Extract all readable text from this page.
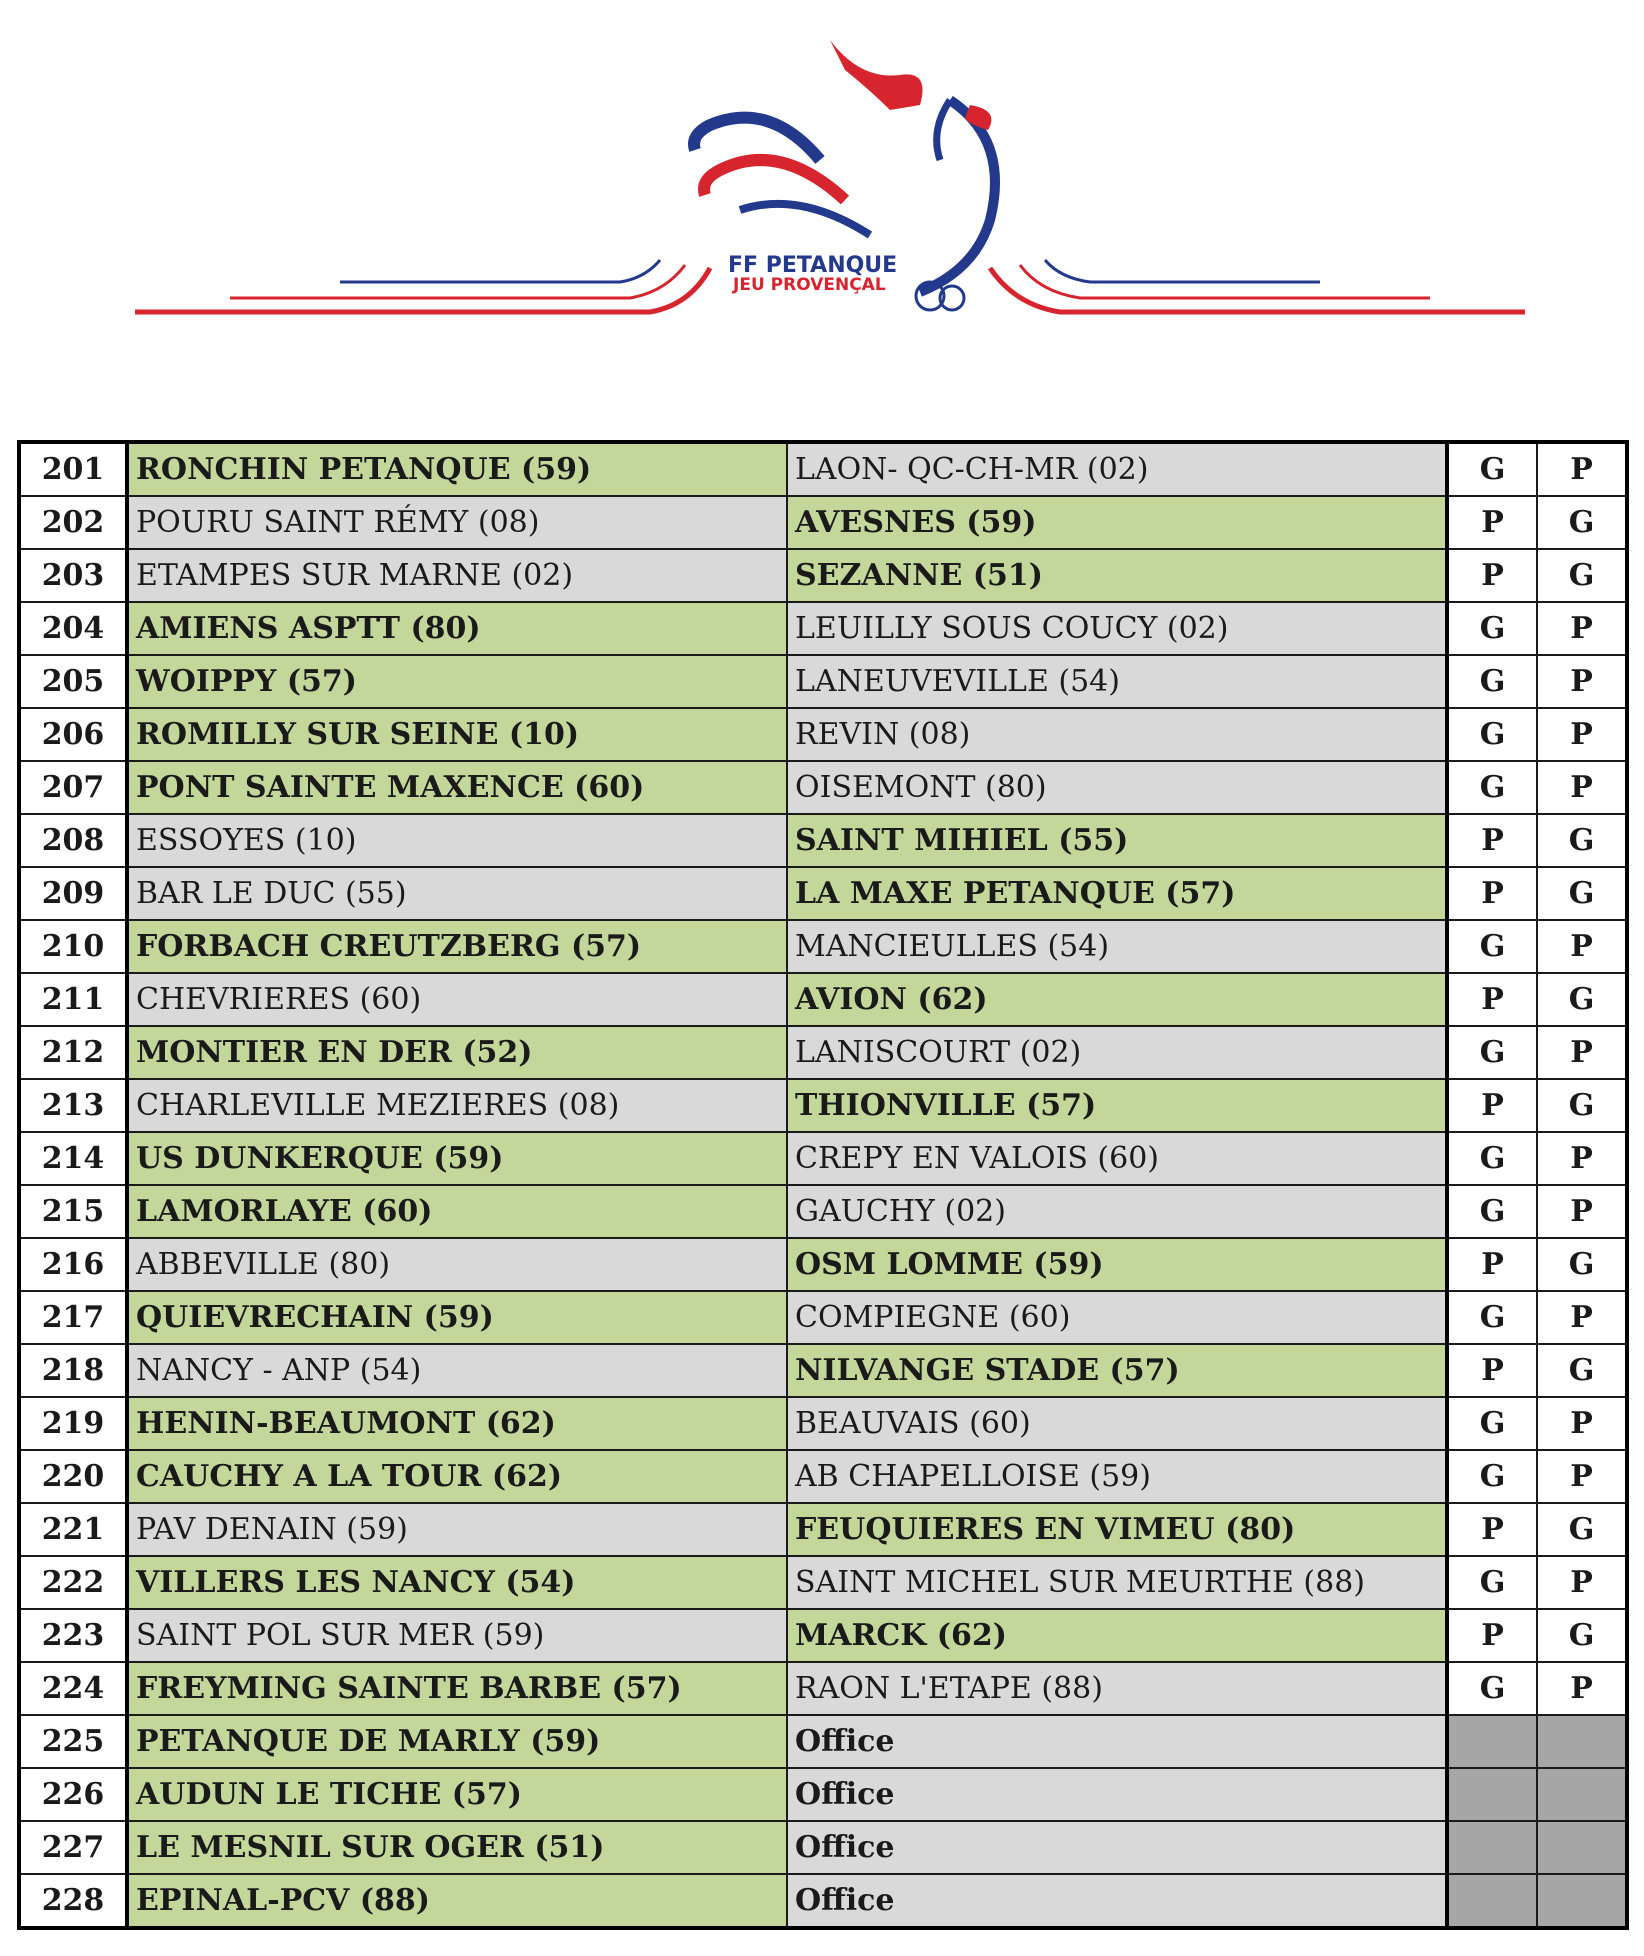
FF PETANQUE
JEU PROVENÇAL
201	RONCHIN PETANQUE (59)	LAON- QC-CH-MR (02)	G	P
202	POURU SAINT RÉMY (08)	AVESNES (59)	P	G
203	ETAMPES SUR MARNE (02)	SEZANNE (51)	P	G
204	AMIENS ASPTT (80)	LEUILLY SOUS COUCY (02)	G	P
205	WOIPPY (57)	LANEUVEVILLE (54)	G	P
206	ROMILLY SUR SEINE (10)	REVIN (08)	G	P
207	PONT SAINTE MAXENCE (60)	OISEMONT (80)	G	P
208	ESSOYES (10)	SAINT MIHIEL (55)	P	G
209	BAR LE DUC (55)	LA MAXE PETANQUE (57)	P	G
210	FORBACH CREUTZBERG (57)	MANCIEULLES (54)	G	P
211	CHEVRIERES (60)	AVION (62)	P	G
212	MONTIER EN DER (52)	LANISCOURT (02)	G	P
213	CHARLEVILLE MEZIERES (08)	THIONVILLE (57)	P	G
214	US DUNKERQUE (59)	CREPY EN VALOIS (60)	G	P
215	LAMORLAYE (60)	GAUCHY (02)	G	P
216	ABBEVILLE (80)	OSM LOMME (59)	P	G
217	QUIEVRECHAIN (59)	COMPIEGNE (60)	G	P
218	NANCY - ANP (54)	NILVANGE STADE (57)	P	G
219	HENIN-BEAUMONT (62)	BEAUVAIS (60)	G	P
220	CAUCHY A LA TOUR (62)	AB CHAPELLOISE (59)	G	P
221	PAV DENAIN (59)	FEUQUIERES EN VIMEU (80)	P	G
222	VILLERS LES NANCY (54)	SAINT MICHEL SUR MEURTHE (88)	G	P
223	SAINT POL SUR MER (59)	MARCK (62)	P	G
224	FREYMING SAINTE BARBE (57)	RAON L'ETAPE (88)	G	P
225	PETANQUE DE MARLY (59)	Office		
226	AUDUN LE TICHE (57)	Office		
227	LE MESNIL SUR OGER (51)	Office		
228	EPINAL-PCV (88)	Office		
